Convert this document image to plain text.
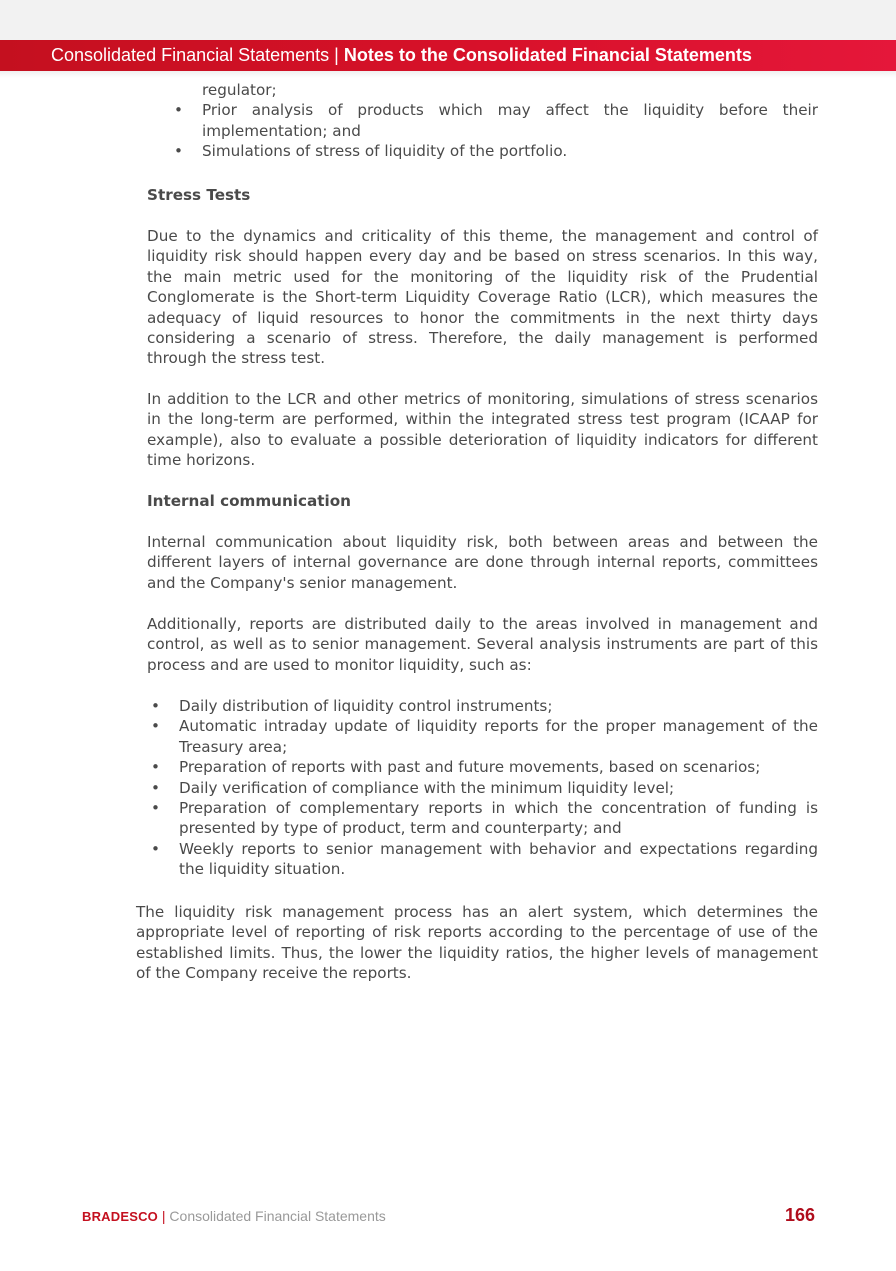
Consolidated Financial Statements | Notes to the Consolidated Financial Statements
regulator;
• Prior analysis of products which may affect the liquidity before their implementation; and
• Simulations of stress of liquidity of the portfolio.
Stress Tests
Due to the dynamics and criticality of this theme, the management and control of liquidity risk should happen every day and be based on stress scenarios. In this way, the main metric used for the monitoring of the liquidity risk of the Prudential Conglomerate is the Short-term Liquidity Coverage Ratio (LCR), which measures the adequacy of liquid resources to honor the commitments in the next thirty days considering a scenario of stress. Therefore, the daily management is performed through the stress test.
In addition to the LCR and other metrics of monitoring, simulations of stress scenarios in the long-term are performed, within the integrated stress test program (ICAAP for example), also to evaluate a possible deterioration of liquidity indicators for different time horizons.
Internal communication
Internal communication about liquidity risk, both between areas and between the different layers of internal governance are done through internal reports, committees and the Company's senior management.
Additionally, reports are distributed daily to the areas involved in management and control, as well as to senior management. Several analysis instruments are part of this process and are used to monitor liquidity, such as:
• Daily distribution of liquidity control instruments;
• Automatic intraday update of liquidity reports for the proper management of the Treasury area;
• Preparation of reports with past and future movements, based on scenarios;
• Daily verification of compliance with the minimum liquidity level;
• Preparation of complementary reports in which the concentration of funding is presented by type of product, term and counterparty; and
• Weekly reports to senior management with behavior and expectations regarding the liquidity situation.
The liquidity risk management process has an alert system, which determines the appropriate level of reporting of risk reports according to the percentage of use of the established limits. Thus, the lower the liquidity ratios, the higher levels of management of the Company receive the reports.
BRADESCO | Consolidated Financial Statements	166
